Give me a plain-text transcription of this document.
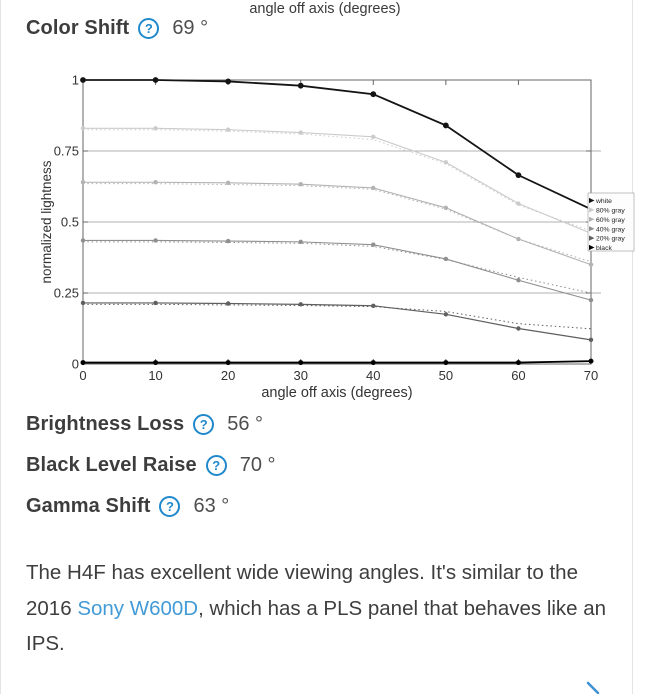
angle off axis (degrees)
Color Shift	? 69 °
0	10	20	30	40	50	60	70
0
0.25
0.5
0.75
1
angle off axis (degrees)
normalized lightness	white
80% gray
60% gray
40% gray
20% gray
black
Brightness Loss	? 56 °
Black Level Raise	? 70 °
Gamma Shift	? 63 °
The H4F has excellent wide viewing angles. It's similar to the 2016 Sony W600D, which has a PLS panel that behaves like an IPS.
